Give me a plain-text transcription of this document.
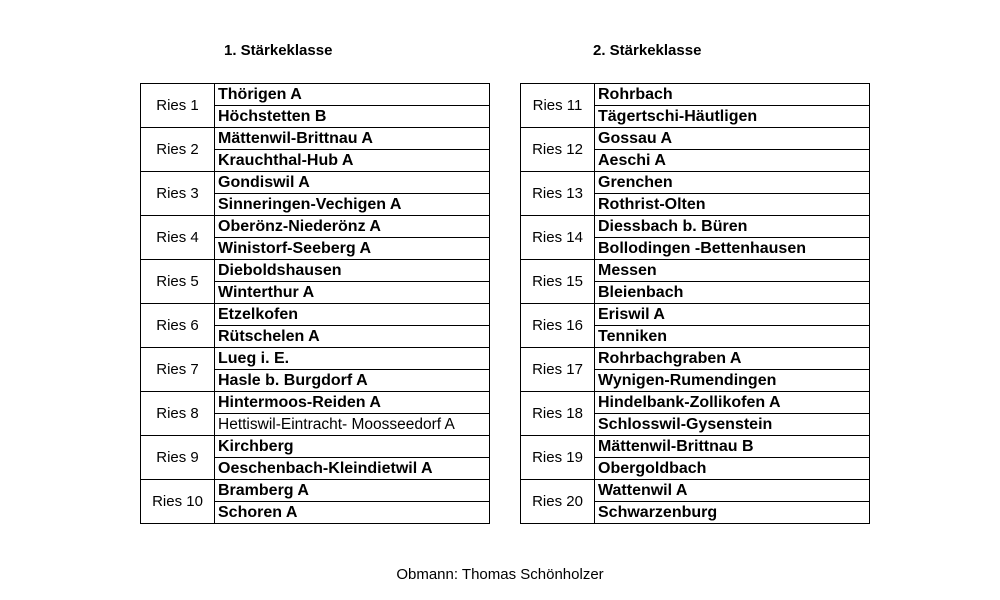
1. Stärkeklasse	2. Stärkeklasse
Ries 1	Thörigen A
	Höchstetten B
Ries 2	Mättenwil-Brittnau A
	Krauchthal-Hub A
Ries 3	Gondiswil A
	Sinneringen-Vechigen A
Ries 4	Oberönz-Niederönz A
	Winistorf-Seeberg A
Ries 5	Dieboldshausen
	Winterthur A
Ries 6	Etzelkofen
	Rütschelen A
Ries 7	Lueg i. E.
	Hasle b. Burgdorf A
Ries 8	Hintermoos-Reiden A
	Hettiswil-Eintracht- Moosseedorf A
Ries 9	Kirchberg
	Oeschenbach-Kleindietwil A
Ries 10	Bramberg A
	Schoren A
Ries 11	Rohrbach
	Tägertschi-Häutligen
Ries 12	Gossau A
	Aeschi A
Ries 13	Grenchen
	Rothrist-Olten
Ries 14	Diessbach b. Büren
	Bollodingen -Bettenhausen
Ries 15	Messen
	Bleienbach
Ries 16	Eriswil A
	Tenniken
Ries 17	Rohrbachgraben A
	Wynigen-Rumendingen
Ries 18	Hindelbank-Zollikofen A
	Schlosswil-Gysenstein
Ries 19	Mättenwil-Brittnau B
	Obergoldbach
Ries 20	Wattenwil A
	Schwarzenburg
Obmann: Thomas Schönholzer
